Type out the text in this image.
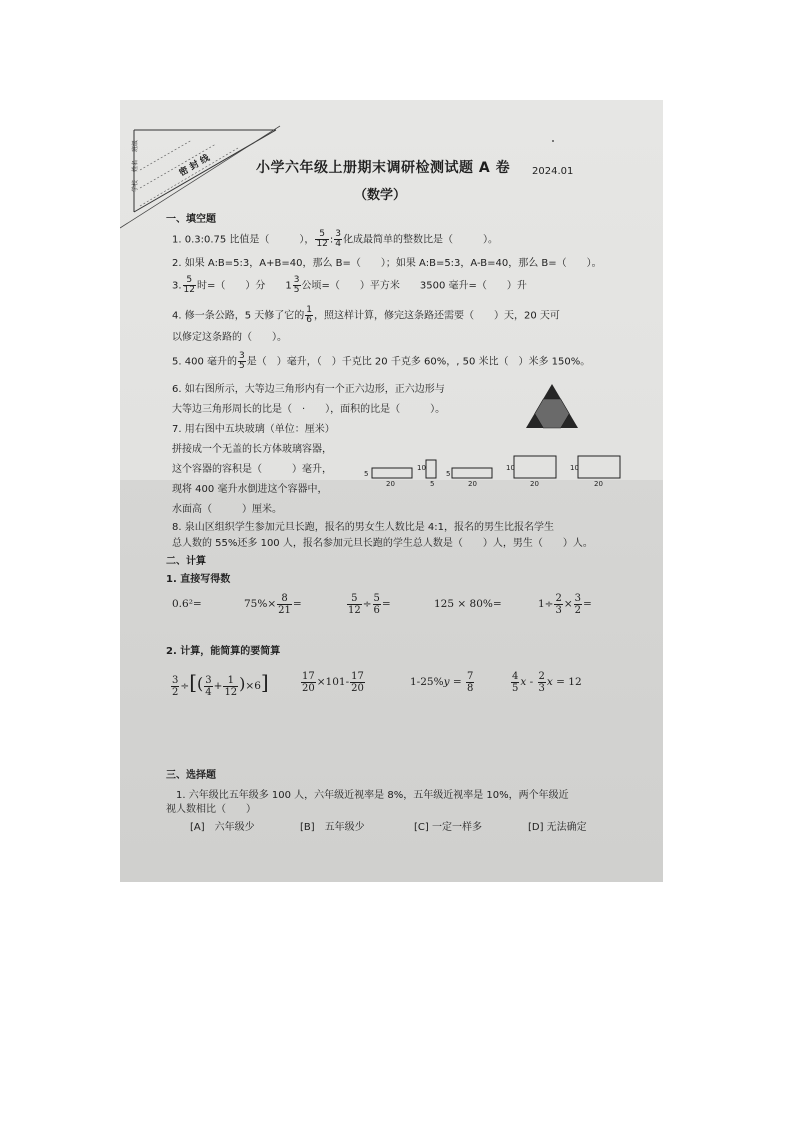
班级
姓名
学校
密 封 线	小学六年级上册期末调研检测试题 A 卷 2024.01
（数学）
一、填空题
1. 0.3:0.75 比值是（　　　）， $\frac{5}{12}$ : $\frac{3}{4}$ 化成最简单的整数比是（　　　）。
2. 如果 A:B=5:3，A+B=40，那么 B=（　　）；如果 A:B=5:3，A-B=40，那么 B=（　　）。
3. $\frac{5}{12}$ 时=（　　）分　　 $1 \frac{3}{5}$ 公顷=（　　）平方米　　 3500 毫升=（　　）升
4. 修一条公路，5 天修了它的 $\frac{1}{6}$ ，照这样计算，修完这条路还需要（　　）天，20 天可
以修定这条路的（　　）。
5. 400 毫升的 $\frac{3}{5}$ 是（　）毫升，（　）千克比 20 千克多 60%，, 50 米比（　）米多 150%。
6. 如右图所示，大等边三角形内有一个正六边形，正六边形与
大等边三角形周长的比是（　·　　），面积的比是（　　　）。
7. 用右图中五块玻璃（单位：厘米）
拼接成一个无盖的长方体玻璃容器，
这个容器的容积是（　　　）毫升，
现将 400 毫升水倒进这个容器中，
水面高（　　　）厘米。
5
20
10
5
5
20
10
20
10
20
8. 泉山区组织学生参加元旦长跑，报名的男女生人数比是 4:1，报名的男生比报名学生
总人数的 55%还多 100 人，报名参加元旦长跑的学生总人数是（　　）人，男生（　　）人。
二、计算
1. 直接写得数
0.6²=	$75\%\times \frac{8}{21}$ =	$\frac{5}{12} \div \frac{5}{6}$ =	125 × 80%=	$1\div \frac{2}{3} \times \frac{3}{2}$ =
2. 计算，能简算的要简算
$\frac{3}{2}$ ÷[( $\frac{3}{4} + \frac{1}{12} )\times 6$]	$\frac{17}{20} \times 101- \frac{17}{20}$	$1-25\%y = \frac{7}{8}$	$\frac{4}{5}$ x - $\frac{2}{3}$ x = 12
三、选择题
1. 六年级比五年级多 100 人，六年级近视率是 8%，五年级近视率是 10%，两个年级近
视人数相比（　　）
[A]　六年级少	[B]　五年级少	[C] 一定一样多	[D] 无法确定
